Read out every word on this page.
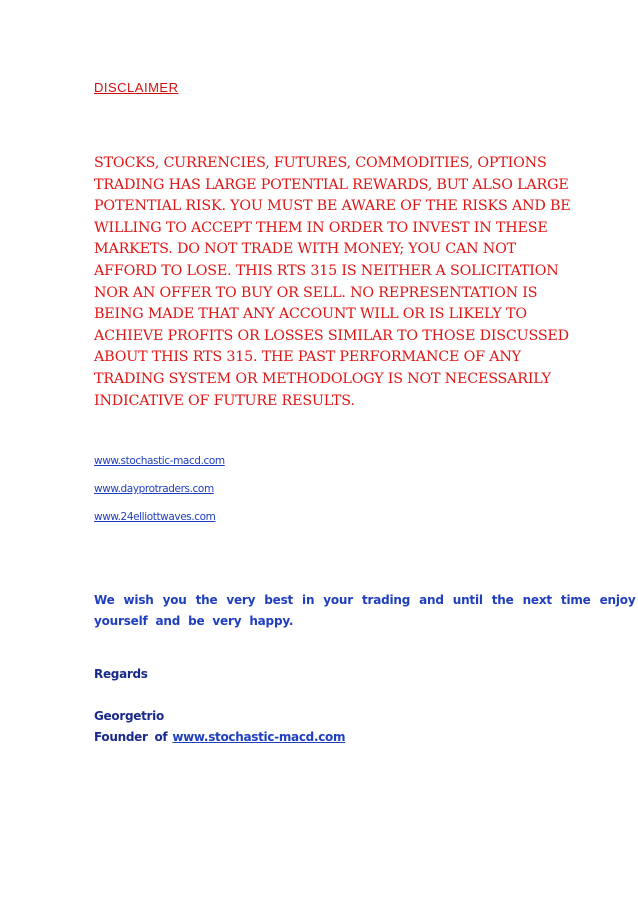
DISCLAIMER
STOCKS, CURRENCIES, FUTURES, COMMODITIES, OPTIONS
TRADING HAS LARGE POTENTIAL REWARDS, BUT ALSO LARGE
POTENTIAL RISK. YOU MUST BE AWARE OF THE RISKS AND BE
WILLING TO ACCEPT THEM IN ORDER TO INVEST IN THESE
MARKETS. DO NOT TRADE WITH MONEY; YOU CAN NOT
AFFORD TO LOSE. THIS RTS 315 IS NEITHER A SOLICITATION
NOR AN OFFER TO BUY OR SELL. NO REPRESENTATION IS
BEING MADE THAT ANY ACCOUNT WILL OR IS LIKELY TO
ACHIEVE PROFITS OR LOSSES SIMILAR TO THOSE DISCUSSED
ABOUT THIS RTS 315. THE PAST PERFORMANCE OF ANY
TRADING SYSTEM OR METHODOLOGY IS NOT NECESSARILY
INDICATIVE OF FUTURE RESULTS.
www.stochastic-macd.com
www.dayprotraders.com
www.24elliottwaves.com

We wish you the very best in your trading and until the next time enjoy
yourself and be very happy.

Regards

Georgetrio
Founder of www.stochastic-macd.com
